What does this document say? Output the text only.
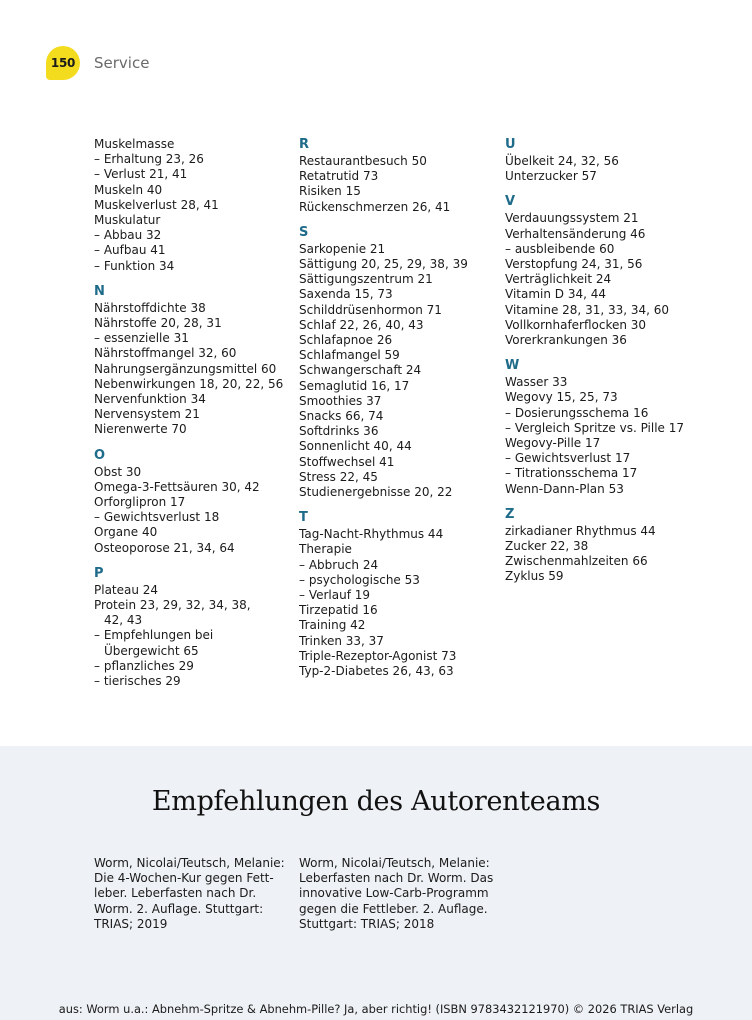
150	Service
Muskelmasse
– Erhaltung 23, 26
– Verlust 21, 41
Muskeln 40
Muskelverlust 28, 41
Muskulatur
– Abbau 32
– Aufbau 41
– Funktion 34
N
Nährstoffdichte 38
Nährstoffe 20, 28, 31
– essenzielle 31
Nährstoffmangel 32, 60
Nahrungsergänzungsmittel 60
Nebenwirkungen 18, 20, 22, 56
Nervenfunktion 34
Nervensystem 21
Nierenwerte 70
O
Obst 30
Omega-3-Fettsäuren 30, 42
Orforglipron 17
– Gewichtsverlust 18
Organe 40
Osteoporose 21, 34, 64
P
Plateau 24
Protein 23, 29, 32, 34, 38, 42, 43
– Empfehlungen bei Übergewicht 65
– pflanzliches 29
– tierisches 29
R
Restaurantbesuch 50
Retatrutid 73
Risiken 15
Rückenschmerzen 26, 41
S
Sarkopenie 21
Sättigung 20, 25, 29, 38, 39
Sättigungszentrum 21
Saxenda 15, 73
Schilddrüsenhormon 71
Schlaf 22, 26, 40, 43
Schlafapnoe 26
Schlafmangel 59
Schwangerschaft 24
Semaglutid 16, 17
Smoothies 37
Snacks 66, 74
Softdrinks 36
Sonnenlicht 40, 44
Stoffwechsel 41
Stress 22, 45
Studienergebnisse 20, 22
T
Tag-Nacht-Rhythmus 44
Therapie
– Abbruch 24
– psychologische 53
– Verlauf 19
Tirzepatid 16
Training 42
Trinken 33, 37
Triple-Rezeptor-Agonist 73
Typ-2-Diabetes 26, 43, 63
U
Übelkeit 24, 32, 56
Unterzucker 57
V
Verdauungssystem 21
Verhaltensänderung 46
– ausbleibende 60
Verstopfung 24, 31, 56
Verträglichkeit 24
Vitamin D 34, 44
Vitamine 28, 31, 33, 34, 60
Vollkornhaferflocken 30
Vorerkrankungen 36
W
Wasser 33
Wegovy 15, 25, 73
– Dosierungsschema 16
– Vergleich Spritze vs. Pille 17
Wegovy-Pille 17
– Gewichtsverlust 17
– Titrationsschema 17
Wenn-Dann-Plan 53
Z
zirkadianer Rhythmus 44
Zucker 22, 38
Zwischenmahlzeiten 66
Zyklus 59
Empfehlungen des Autorenteams
Worm, Nicolai/Teutsch, Melanie:
Die 4-Wochen-Kur gegen Fett-
leber. Leberfasten nach Dr.
Worm. 2. Auflage. Stuttgart:
TRIAS; 2019
Worm, Nicolai/Teutsch, Melanie:
Leberfasten nach Dr. Worm. Das
innovative Low-Carb-Programm
gegen die Fettleber. 2. Auflage.
Stuttgart: TRIAS; 2018
aus: Worm u.a.: Abnehm-Spritze & Abnehm-Pille? Ja, aber richtig! (ISBN 9783432121970) © 2026 TRIAS Verlag
